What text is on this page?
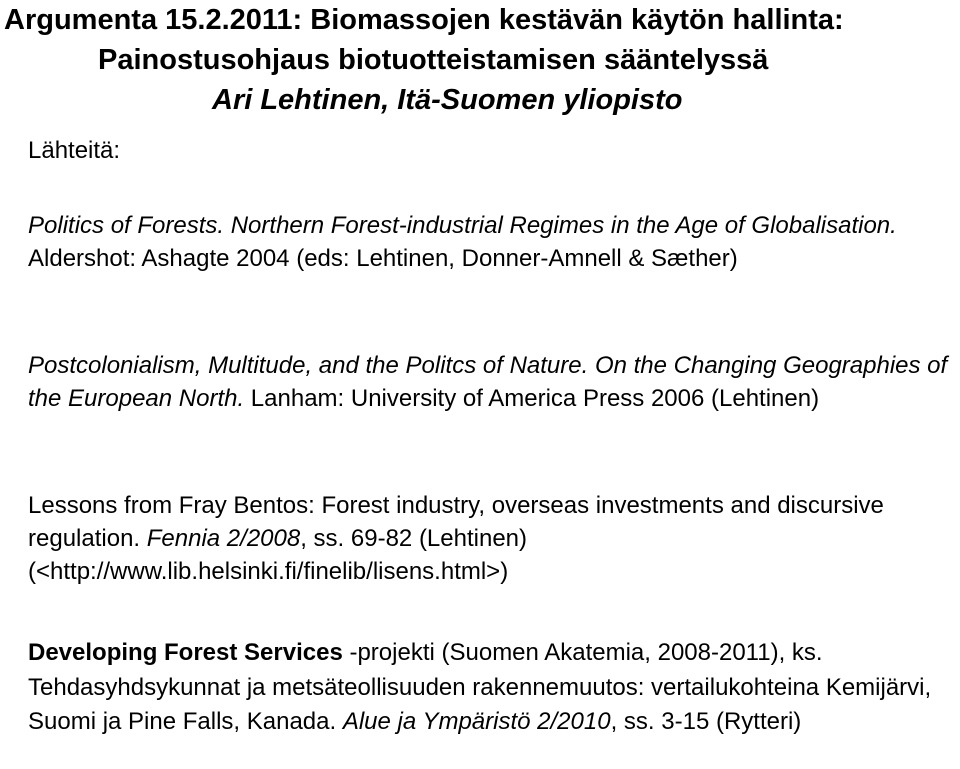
Argumenta 15.2.2011: Biomassojen kestävän käytön hallinta:
Painostusohjaus biotuotteistamisen sääntelyssä
Ari Lehtinen, Itä-Suomen yliopisto
Lähteitä:
Politics of Forests. Northern Forest-industrial Regimes in the Age of Globalisation. Aldershot: Ashagte 2004 (eds: Lehtinen, Donner-Amnell & Sæther)
Postcolonialism, Multitude, and the Politcs of Nature. On the Changing Geographies of the European North. Lanham: University of America Press 2006 (Lehtinen)
Lessons from Fray Bentos: Forest industry, overseas investments and discursive regulation. Fennia 2/2008, ss. 69-82 (Lehtinen)
(<http://www.lib.helsinki.fi/finelib/lisens.html>)
Developing Forest Services -projekti (Suomen Akatemia, 2008-2011), ks. Tehdasyhdsykunnat ja metsäteollisuuden rakennemuutos: vertailukohteina Kemijärvi, Suomi ja Pine Falls, Kanada. Alue ja Ympäristö 2/2010, ss. 3-15 (Rytteri)
